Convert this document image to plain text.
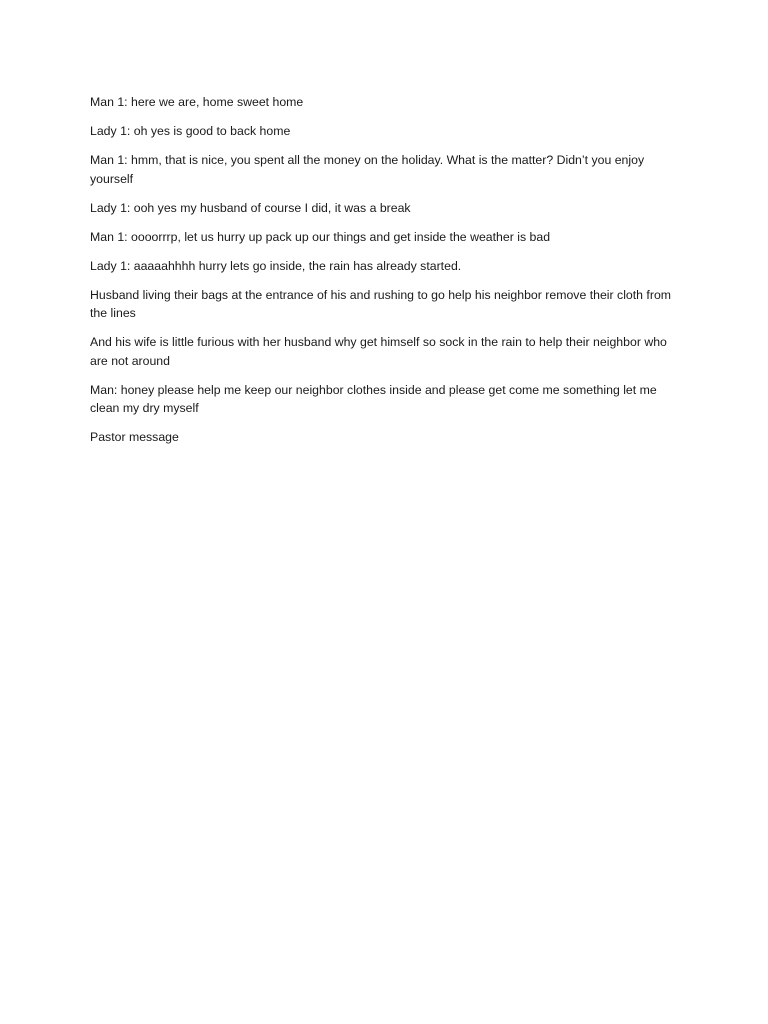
Man 1: here we are, home sweet home

Lady 1: oh yes is good to back home

Man 1: hmm, that is nice, you spent all the money on the holiday. What is the matter? Didn’t you enjoy yourself

Lady 1: ooh yes my husband of course I did, it was a break

Man 1: oooorrrp, let us hurry up pack up our things and get inside the weather is bad

Lady 1: aaaaahhhh hurry lets go inside, the rain has already started.

Husband living their bags at the entrance of his and rushing to go help his neighbor remove their cloth from the lines

And his wife is little furious with her husband why get himself so sock in the rain to help their neighbor who are not around

Man: honey please help me keep our neighbor clothes inside and please get come me something let me clean my dry myself

Pastor message
